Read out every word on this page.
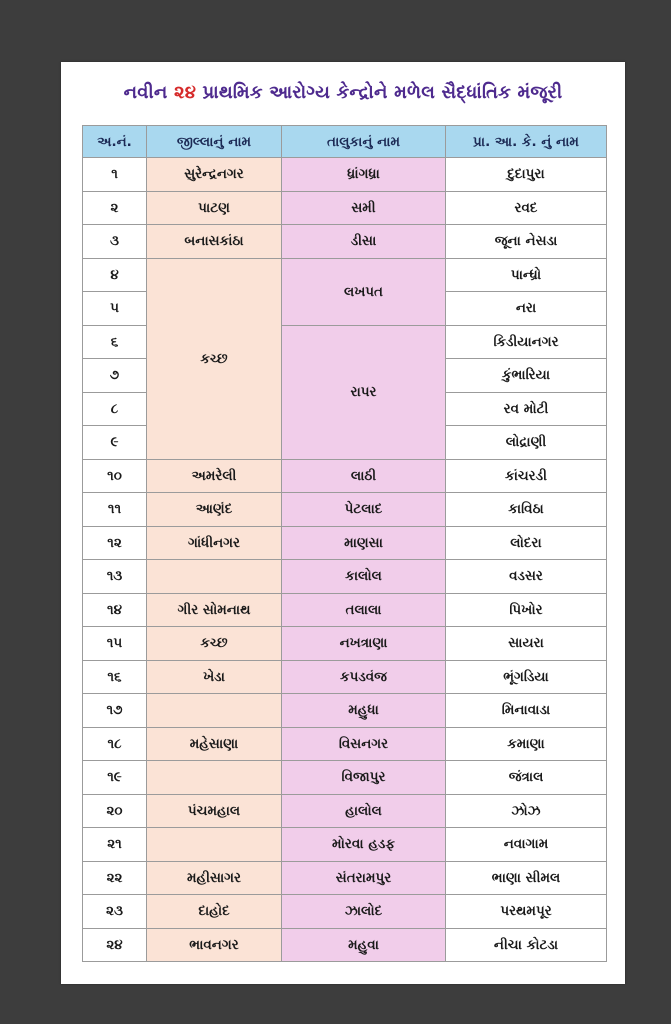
નવીન ૨૪ પ્રાથમિક આરોગ્ય કેન્દ્રોને મળેલ સૈદ્ધાંતિક મંજૂરી
અ.નં.	જીલ્લાનું નામ	તાલુકાનું નામ	પ્રા. આ. કે. નું નામ
૧	સુરેન્દ્રનગર	ધ્રાંગધ્રા	દુદાપુરા
૨	પાટણ	સમી	રવદ
૩	બનાસકાંઠા	ડીસા	જૂના નેસડા
૪	કચ્છ	લખપત	પાન્ધ્રો
૫			નરા
૬		રાપર	કિડીયાનગર
૭			કુંભારિયા
૮			રવ મોટી
૯			લોદ્રાણી
૧૦	અમરેલી	લાઠી	કાંચરડી
૧૧	આણંદ	પેટલાદ	કાવિઠા
૧૨	ગાંધીનગર	માણસા	લોદરા
૧૩		કાલોલ	વડસર
૧૪	ગીર સોમનાથ	તલાલા	પિખોર
૧૫	કચ્છ	નખત્રાણા	સાયરા
૧૬	ખેડા	કપડવંજ	ભૂંગડિયા
૧૭		મહુધા	મિનાવાડા
૧૮	મહેસાણા	વિસનગર	કમાણા
૧૯		વિજાપુર	જંત્રાલ
૨૦	પંચમહાલ	હાલોલ	ઝોઝ
૨૧		મોરવા હડફ	નવાગામ
૨૨	મહીસાગર	સંતરામપુર	ભાણા સીમલ
૨૩	દાહોદ	ઝાલોદ	પરથમપૂર
૨૪	ભાવનગર	મહુવા	નીચા કોટડા
